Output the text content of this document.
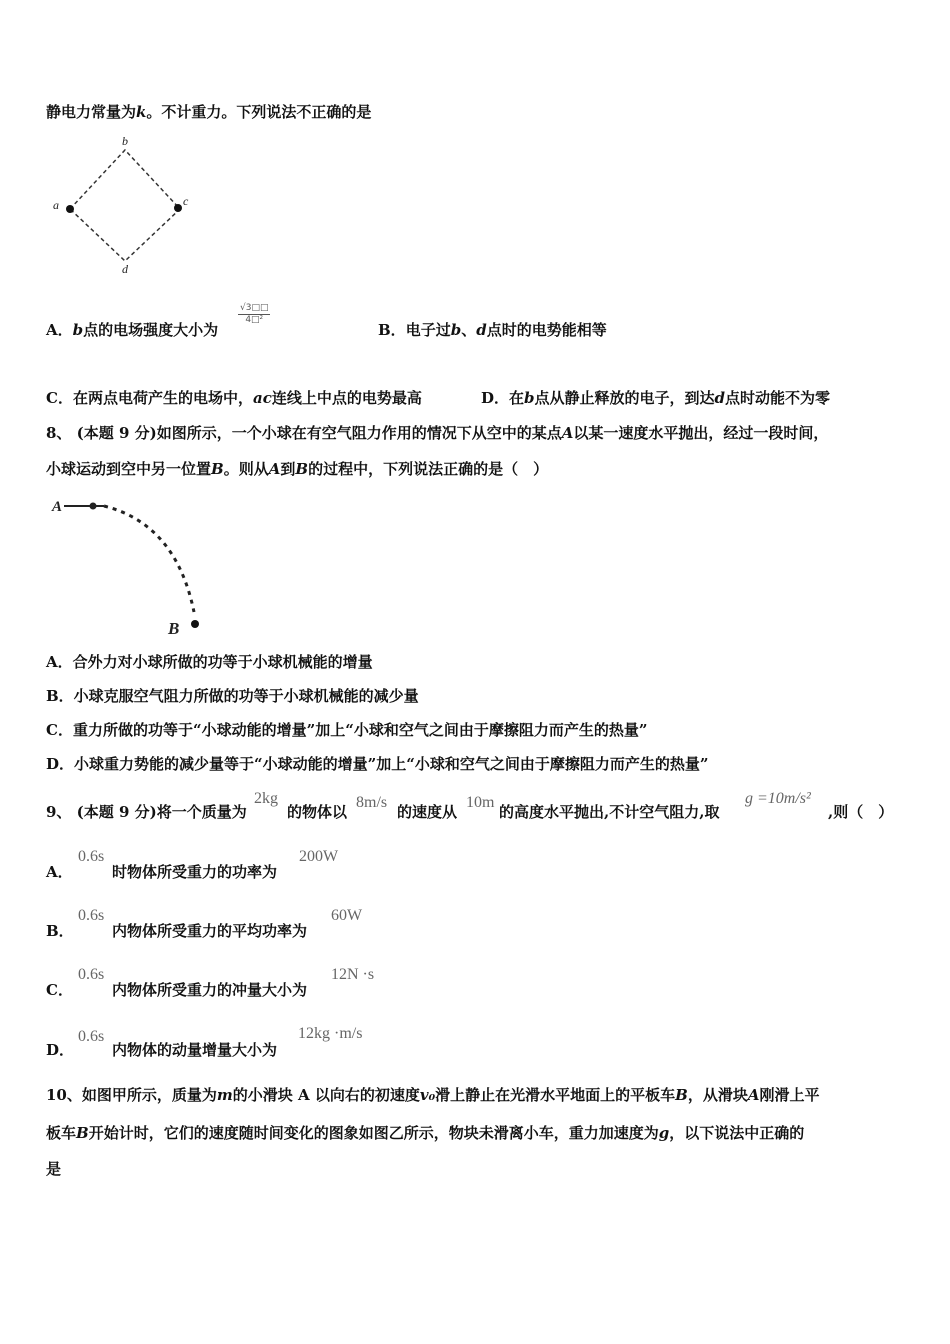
静电力常量为k。不计重力。下列说法不正确的是
a
b
c
d
A．b点的电场强度大小为
√3□□
4□²
B．电子过b、d点时的电势能相等
C．在两点电荷产生的电场中，ac连线上中点的电势最高	D．在b点从静止释放的电子，到达d点时动能不为零
8、 (本题 9 分)如图所示，一个小球在有空气阻力作用的情况下从空中的某点A以某一速度水平抛出，经过一段时间，
小球运动到空中另一位置B。则从A到B的过程中，下列说法正确的是（　）
A
B
A．合外力对小球所做的功等于小球机械能的增量
B．小球克服空气阻力所做的功等于小球机械能的减少量
C．重力所做的功等于“小球动能的增量”加上“小球和空气之间由于摩擦阻力而产生的热量”
D．小球重力势能的减少量等于“小球动能的增量”加上“小球和空气之间由于摩擦阻力而产生的热量”
9、 (本题 9 分)将一个质量为
2kg
的物体以
8m/s
的速度从
10m
的高度水平抛出,不计空气阻力,取
g =10m/s²
,则（　）
A．
0.6s
时物体所受重力的功率为
200W
B．
0.6s
内物体所受重力的平均功率为
60W
C．
0.6s
内物体所受重力的冲量大小为
12N ·s
D．
0.6s
内物体的动量增量大小为
12kg ·m/s
10、如图甲所示，质量为m的小滑块 A 以向右的初速度v₀滑上静止在光滑水平地面上的平板车B，从滑块A刚滑上平
板车B开始计时，它们的速度随时间变化的图象如图乙所示，物块未滑离小车，重力加速度为g，以下说法中正确的
是
